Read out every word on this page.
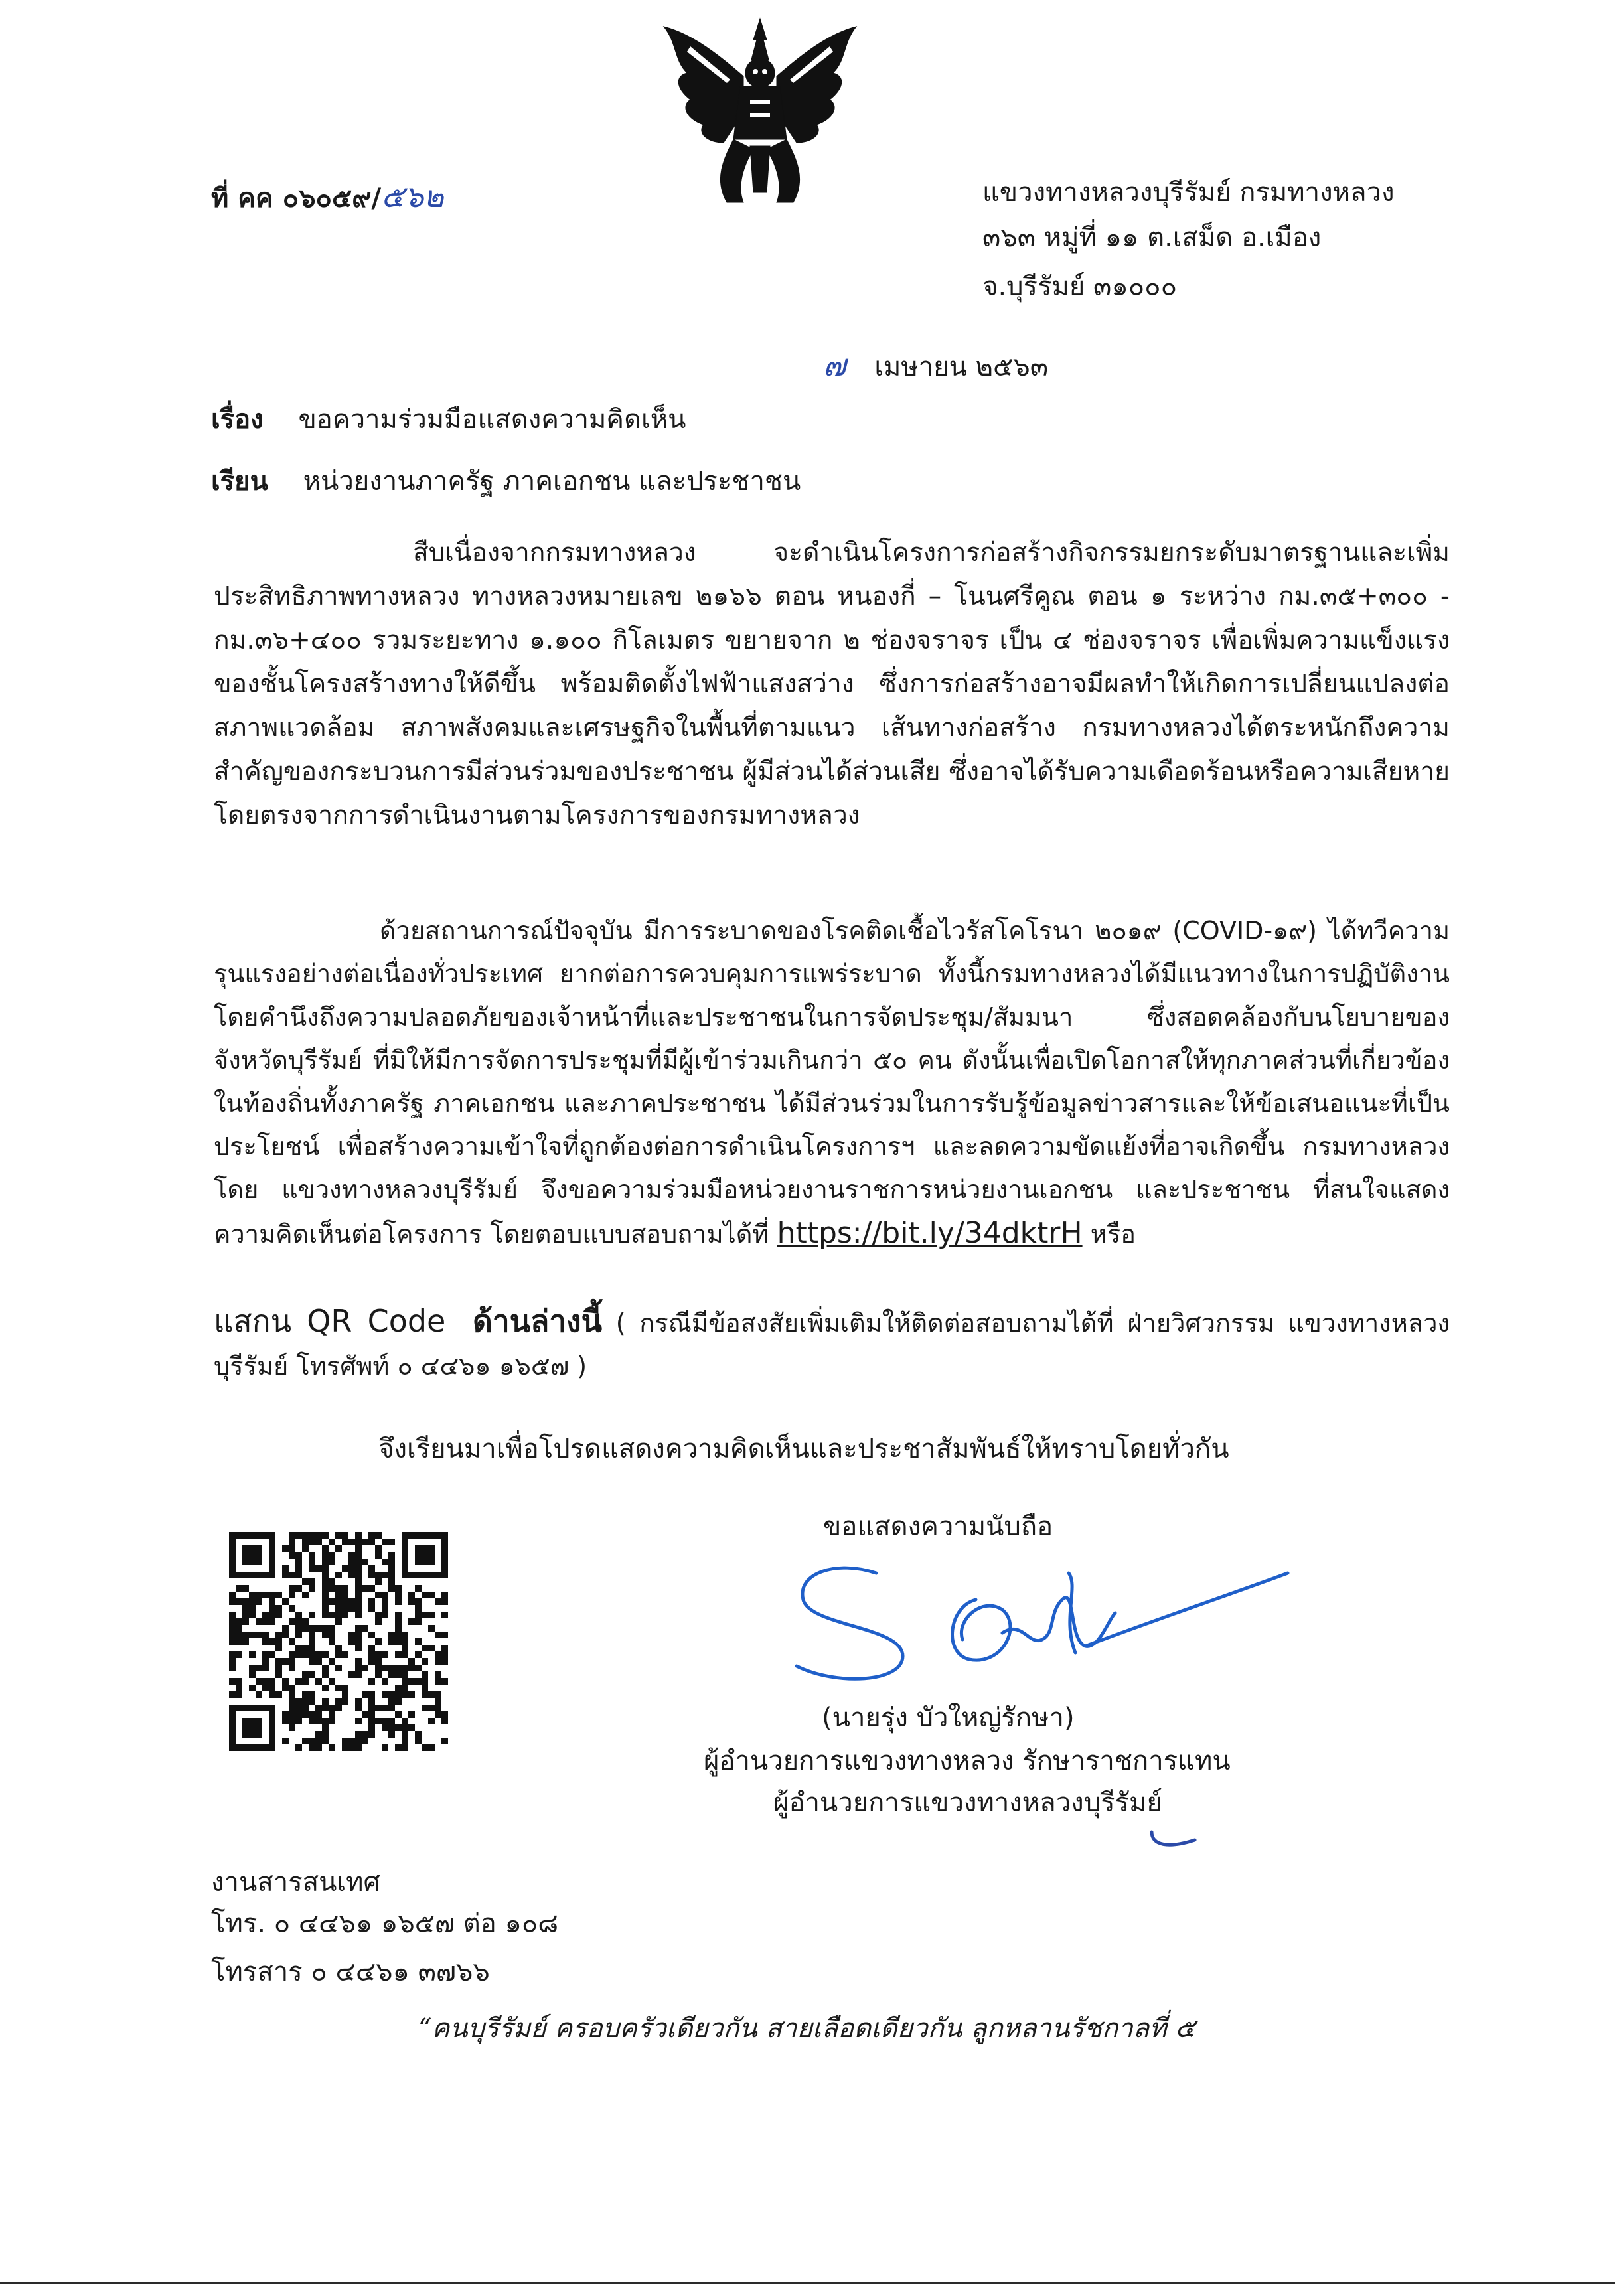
ที่ คค ๐๖๐๕๙/๕๖๒	แขวงทางหลวงบุรีรัมย์ กรมทางหลวง
๓๖๓ หมู่ที่ ๑๑ ต.เสม็ด อ.เมือง
จ.บุรีรัมย์ ๓๑๐๐๐
๗ เมษายน ๒๕๖๓
เรื่อง ขอความร่วมมือแสดงความคิดเห็น
เรียน หน่วยงานภาครัฐ ภาคเอกชน และประชาชน

สืบเนื่องจากกรมทางหลวง จะดำเนินโครงการก่อสร้างกิจกรรมยกระดับมาตรฐานและเพิ่มประสิทธิภาพทางหลวง ทางหลวงหมายเลข ๒๑๖๖ ตอน หนองกี่ – โนนศรีคูณ ตอน ๑ ระหว่าง กม.๓๕+๓๐๐ - กม.๓๖+๔๐๐ รวมระยะทาง ๑.๑๐๐ กิโลเมตร ขยายจาก ๒ ช่องจราจร เป็น ๔ ช่องจราจร เพื่อเพิ่มความแข็งแรงของชั้นโครงสร้างทางให้ดีขึ้น พร้อมติดตั้งไฟฟ้าแสงสว่าง ซึ่งการก่อสร้างอาจมีผลทำให้เกิดการเปลี่ยนแปลงต่อสภาพแวดล้อม สภาพสังคมและเศรษฐกิจในพื้นที่ตามแนว เส้นทางก่อสร้าง กรมทางหลวงได้ตระหนักถึงความสำคัญของกระบวนการมีส่วนร่วมของประชาชน ผู้มีส่วนได้ส่วนเสีย ซึ่งอาจได้รับความเดือดร้อนหรือความเสียหายโดยตรงจากการดำเนินงานตามโครงการของกรมทางหลวง

ด้วยสถานการณ์ปัจจุบัน มีการระบาดของโรคติดเชื้อไวรัสโคโรนา ๒๐๑๙ (COVID-๑๙) ได้ทวีความรุนแรงอย่างต่อเนื่องทั่วประเทศ ยากต่อการควบคุมการแพร่ระบาด ทั้งนี้กรมทางหลวงได้มีแนวทางในการปฏิบัติงานโดยคำนึงถึงความปลอดภัยของเจ้าหน้าที่และประชาชนในการจัดประชุม/สัมมนา ซึ่งสอดคล้องกับนโยบายของจังหวัดบุรีรัมย์ ที่มิให้มีการจัดการประชุมที่มีผู้เข้าร่วมเกินกว่า ๕๐ คน ดังนั้นเพื่อเปิดโอกาสให้ทุกภาคส่วนที่เกี่ยวข้องในท้องถิ่นทั้งภาครัฐ ภาคเอกชน และภาคประชาชน ได้มีส่วนร่วมในการรับรู้ข้อมูลข่าวสารและให้ข้อเสนอแนะที่เป็นประโยชน์ เพื่อสร้างความเข้าใจที่ถูกต้องต่อการดำเนินโครงการฯ และลดความขัดแย้งที่อาจเกิดขึ้น กรมทางหลวง โดย แขวงทางหลวงบุรีรัมย์ จึงขอความร่วมมือหน่วยงานราชการหน่วยงานเอกชน และประชาชน ที่สนใจแสดงความคิดเห็นต่อโครงการ โดยตอบแบบสอบถามได้ที่ https://bit.ly/34dktrH หรือ
แสกน QR Code ด้านล่างนี้ ( กรณีมีข้อสงสัยเพิ่มเติมให้ติดต่อสอบถามได้ที่ ฝ่ายวิศวกรรม แขวงทางหลวงบุรีรัมย์ โทรศัพท์ ๐ ๔๔๖๑ ๑๖๕๗ )
จึงเรียนมาเพื่อโปรดแสดงความคิดเห็นและประชาสัมพันธ์ให้ทราบโดยทั่วกัน
ขอแสดงความนับถือ
(นายรุ่ง บัวใหญ่รักษา)
ผู้อำนวยการแขวงทางหลวง รักษาราชการแทน
ผู้อำนวยการแขวงทางหลวงบุรีรัมย์
งานสารสนเทศ
โทร. ๐ ๔๔๖๑ ๑๖๕๗ ต่อ ๑๐๘
โทรสาร ๐ ๔๔๖๑ ๓๗๖๖
“คนบุรีรัมย์ ครอบครัวเดียวกัน สายเลือดเดียวกัน ลูกหลานรัชกาลที่ ๕
